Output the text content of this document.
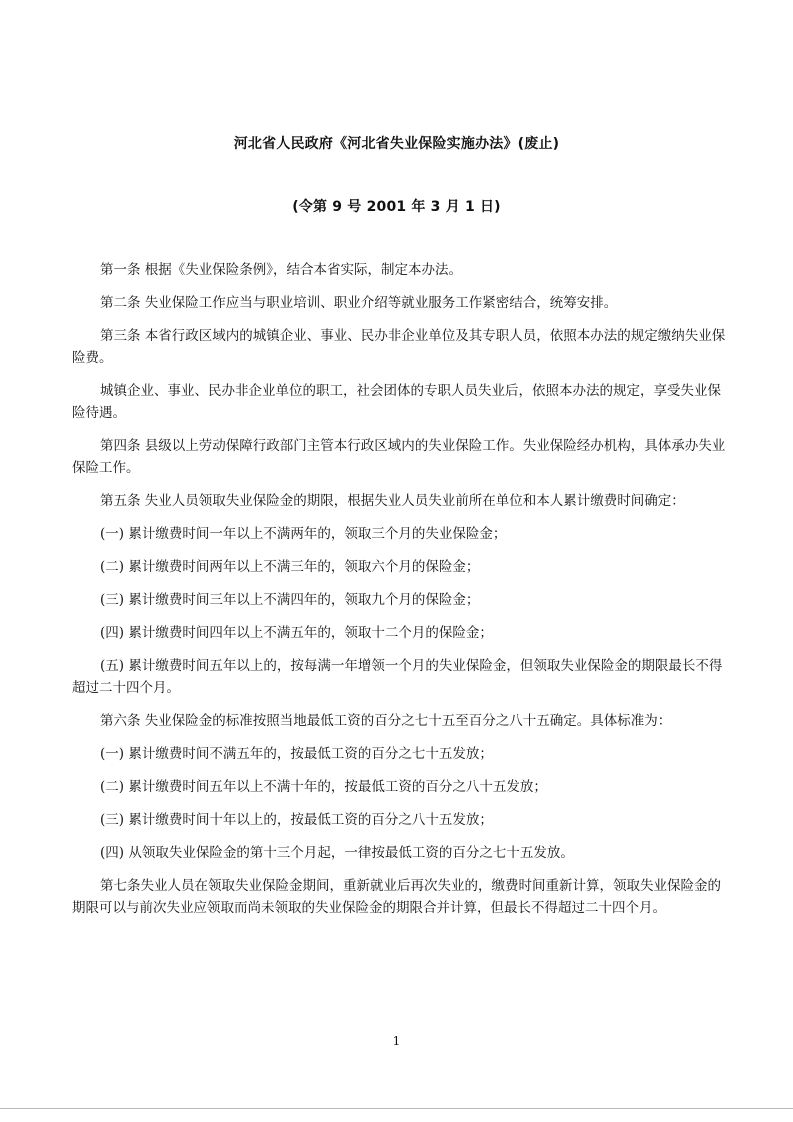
河北省人民政府《河北省失业保险实施办法》(废止)
(令第 9 号 2001 年 3 月 1 日)

第一条 根据《失业保险条例》，结合本省实际，制定本办法。

第二条 失业保险工作应当与职业培训、职业介绍等就业服务工作紧密结合，统筹安排。

第三条 本省行政区域内的城镇企业、事业、民办非企业单位及其专职人员，依照本办法的规定缴纳失业保险费。

城镇企业、事业、民办非企业单位的职工，社会团体的专职人员失业后，依照本办法的规定，享受失业保险待遇。

第四条 县级以上劳动保障行政部门主管本行政区域内的失业保险工作。失业保险经办机构，具体承办失业保险工作。

第五条 失业人员领取失业保险金的期限，根据失业人员失业前所在单位和本人累计缴费时间确定：

(一) 累计缴费时间一年以上不满两年的，领取三个月的失业保险金；

(二) 累计缴费时间两年以上不满三年的，领取六个月的保险金；

(三) 累计缴费时间三年以上不满四年的，领取九个月的保险金；

(四) 累计缴费时间四年以上不满五年的，领取十二个月的保险金；

(五) 累计缴费时间五年以上的，按每满一年增领一个月的失业保险金，但领取失业保险金的期限最长不得超过二十四个月。

第六条 失业保险金的标准按照当地最低工资的百分之七十五至百分之八十五确定。具体标准为：

(一) 累计缴费时间不满五年的，按最低工资的百分之七十五发放；

(二) 累计缴费时间五年以上不满十年的，按最低工资的百分之八十五发放；

(三) 累计缴费时间十年以上的，按最低工资的百分之八十五发放；

(四) 从领取失业保险金的第十三个月起，一律按最低工资的百分之七十五发放。

第七条失业人员在领取失业保险金期间，重新就业后再次失业的，缴费时间重新计算，领取失业保险金的期限可以与前次失业应领取而尚未领取的失业保险金的期限合并计算，但最长不得超过二十四个月。

1
